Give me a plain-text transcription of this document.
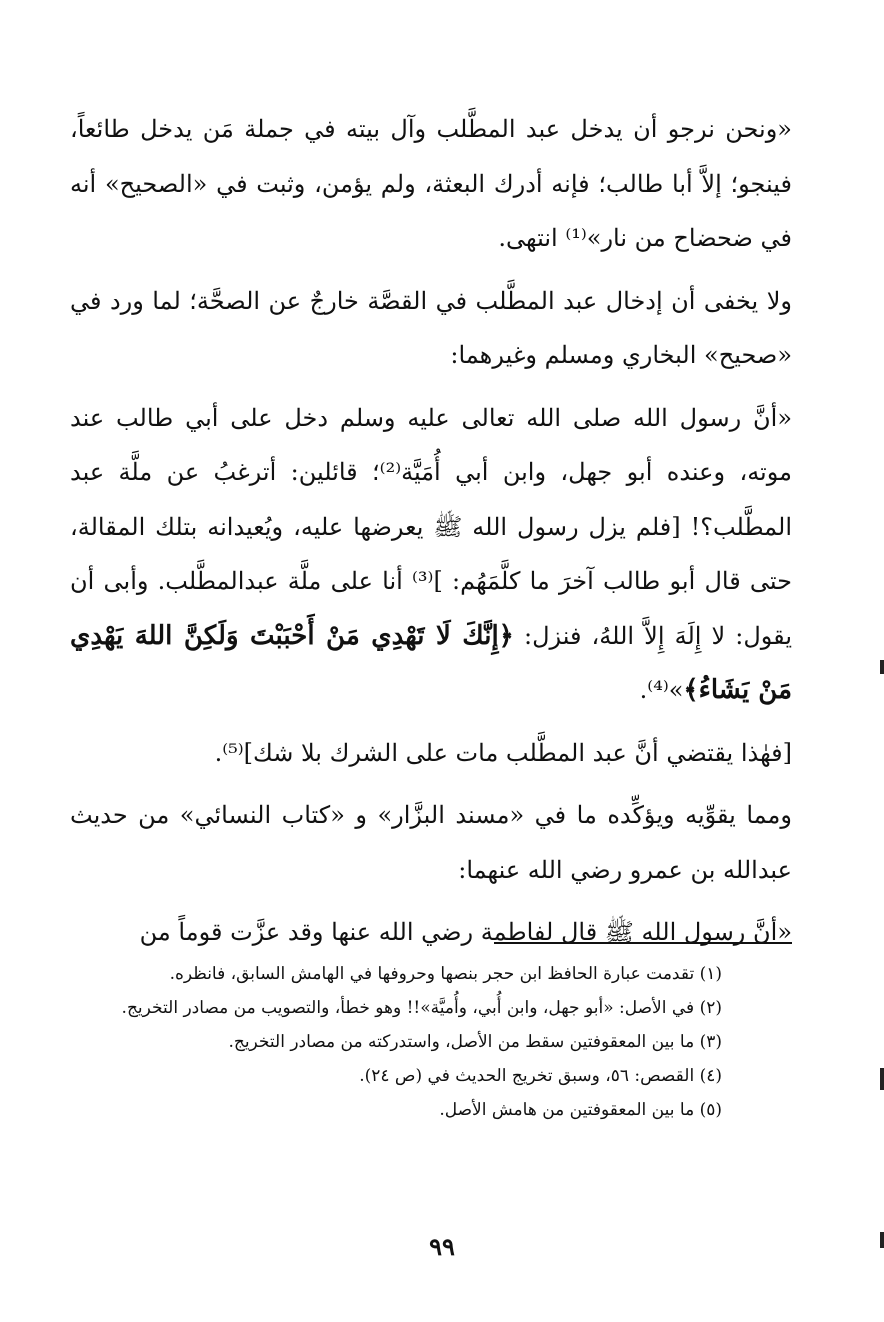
«ونحن نرجو أن يدخل عبد المطَّلب وآل بيته في جملة مَن يدخل طائعاً، فينجو؛ إلاَّ أبا طالب؛ فإنه أدرك البعثة، ولم يؤمن، وثبت في «الصحيح» أنه في ضحضاح من نار»⁽¹⁾ انتهى.

ولا يخفى أن إدخال عبد المطَّلب في القصَّة خارجٌ عن الصحَّة؛ لما ورد في «صحيح» البخاري ومسلم وغيرهما:

«أنَّ رسول الله صلى الله تعالى عليه وسلم دخل على أبي طالب عند موته، وعنده أبو جهل، وابن أبي أُمَيَّة⁽²⁾؛ قائلين: أترغبُ عن ملَّة عبد المطَّلب؟! [فلم يزل رسول الله ﷺ يعرضها عليه، ويُعيدانه بتلك المقالة، حتى قال أبو طالب آخرَ ما كلَّمَهُم: ]⁽³⁾ أنا على ملَّة عبدالمطَّلب. وأبى أن يقول: لا إِلَهَ إِلاَّ اللهُ، فنزل: ﴿إِنَّكَ لَا تَهْدِي مَنْ أَحْبَبْتَ وَلَكِنَّ اللهَ يَهْدِي مَنْ يَشَاءُ﴾»⁽⁴⁾.

[فهٰذا يقتضي أنَّ عبد المطَّلب مات على الشرك بلا شك]⁽⁵⁾.

ومما يقوِّيه ويؤكِّده ما في «مسند البزَّار» و «كتاب النسائي» من حديث عبدالله بن عمرو رضي الله عنهما:

«أنَّ رسول الله ﷺ قال لفاطمة رضي الله عنها وقد عزَّت قوماً من

(١) تقدمت عبارة الحافظ ابن حجر بنصها وحروفها في الهامش السابق، فانظره.

(٢) في الأصل: «أبو جهل، وابن أُبي، وأُميَّة»!! وهو خطأ، والتصويب من مصادر التخريج.

(٣) ما بين المعقوفتين سقط من الأصل، واستدركته من مصادر التخريج.

(٤) القصص: ٥٦، وسبق تخريج الحديث في (ص ٢٤).

(٥) ما بين المعقوفتين من هامش الأصل.

٩٩
